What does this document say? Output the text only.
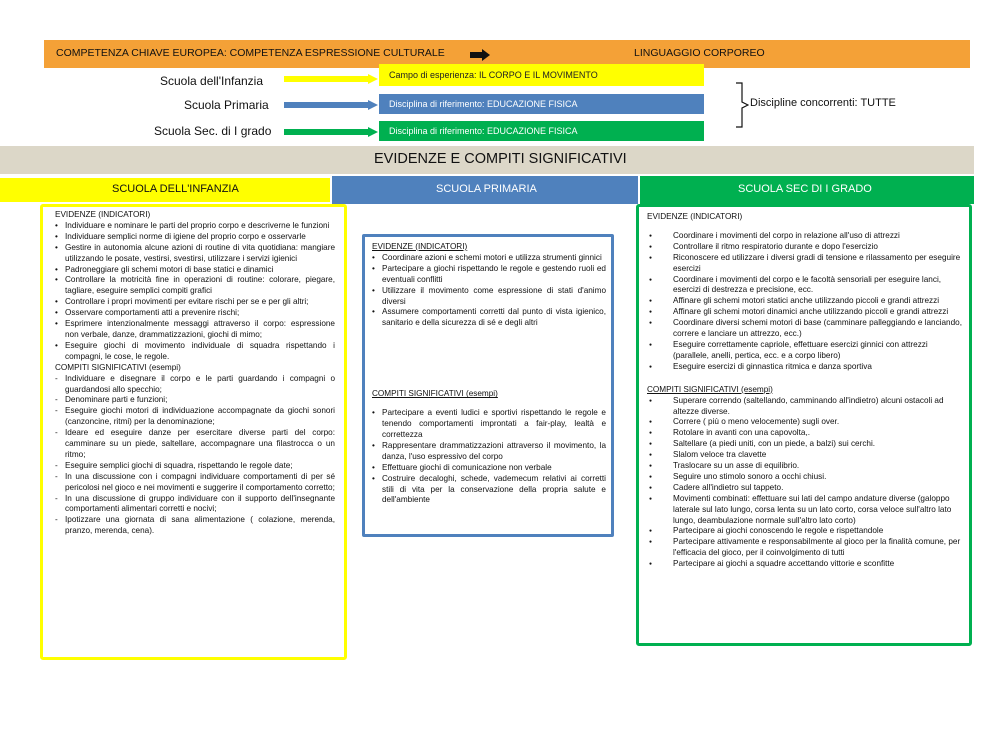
COMPETENZA CHIAVE EUROPEA: COMPETENZA ESPRESSIONE CULTURALE	LINGUAGGIO CORPOREO
Scuola dell'Infanzia	Campo di esperienza: IL CORPO E IL MOVIMENTO
Scuola Primaria	Disciplina di riferimento: EDUCAZIONE FISICA
Scuola Sec. di I grado	Disciplina di riferimento: EDUCAZIONE FISICA
Discipline concorrenti: TUTTE
EVIDENZE E COMPITI SIGNIFICATIVI
SCUOLA DELL'INFANZIA	SCUOLA PRIMARIA	SCUOLA SEC DI I GRADO
EVIDENZE (INDICATORI)
• Individuare e nominare le parti del proprio corpo e descriverne le funzioni
• Individuare semplici norme di igiene del proprio corpo e osservarle
• Gestire in autonomia alcune azioni di routine di vita quotidiana: mangiare utilizzando le posate, vestirsi, svestirsi, utilizzare i servizi igienici
• Padroneggiare gli schemi motori di base statici e dinamici
• Controllare la motricità fine in operazioni di routine: colorare, piegare, tagliare, eseguire semplici compiti grafici
• Controllare i propri movimenti per evitare rischi per se e per gli altri;
• Osservare comportamenti atti a prevenire rischi;
• Esprimere intenzionalmente messaggi attraverso il corpo: espressione non verbale, danze, drammatizzazioni, giochi di mimo;
• Eseguire giochi di movimento individuale di squadra rispettando i compagni, le cose, le regole.
COMPITI SIGNIFICATIVI (esempi)
- Individuare e disegnare il corpo e le parti guardando i compagni o guardandosi allo specchio;
- Denominare parti e funzioni;
- Eseguire giochi motori di individuazione accompagnate da giochi sonori (canzoncine, ritmi) per la denominazione;
- Ideare ed eseguire danze per esercitare diverse parti del corpo: camminare su un piede, saltellare, accompagnare una filastrocca o un ritmo;
- Eseguire semplici giochi di squadra, rispettando le regole date;
- In una discussione con i compagni individuare comportamenti di per sé pericolosi nel gioco e nei movimenti e suggerire il comportamento corretto;
- In una discussione di gruppo individuare con il supporto dell'insegnante comportamenti alimentari corretti e nocivi;
- Ipotizzare una giornata di sana alimentazione ( colazione, merenda, pranzo, merenda, cena).
EVIDENZE (INDICATORI)
• Coordinare azioni e schemi motori e utilizza strumenti ginnici
• Partecipare a giochi rispettando le regole e gestendo ruoli ed eventuali conflitti
• Utilizzare il movimento come espressione di stati d'animo diversi
• Assumere comportamenti corretti dal punto di vista igienico, sanitario e della sicurezza di sé e degli altri
COMPITI SIGNIFICATIVI (esempi)
• Partecipare a eventi ludici e sportivi rispettando le regole e tenendo comportamenti improntati a fair-play, lealtà e correttezza
• Rappresentare drammatizzazioni attraverso il movimento, la danza, l'uso espressivo del corpo
• Effettuare giochi di comunicazione non verbale
• Costruire decaloghi, schede, vademecum relativi ai corretti stili di vita per la conservazione della propria salute e dell'ambiente
EVIDENZE (INDICATORI)
● Coordinare i movimenti del corpo in relazione all'uso di attrezzi
● Controllare il ritmo respiratorio durante e dopo l'esercizio
● Riconoscere ed utilizzare i diversi gradi di tensione e rilassamento per eseguire esercizi
● Coordinare i movimenti del corpo e le facoltà sensoriali per eseguire lanci, esercizi di destrezza e precisione, ecc.
● Affinare gli schemi motori statici anche utilizzando piccoli e grandi attrezzi
● Affinare gli schemi motori dinamici anche utilizzando piccoli e grandi attrezzi
● Coordinare diversi schemi motori di base (camminare palleggiando e lanciando, correre e lanciare un attrezzo, ecc.)
● Eseguire correttamente capriole, effettuare esercizi ginnici con attrezzi (parallele, anelli, pertica, ecc. e a corpo libero)
● Eseguire esercizi di ginnastica ritmica e danza sportiva
COMPITI SIGNIFICATIVI (esempi)
● Superare correndo (saltellando, camminando all'indietro) alcuni ostacoli ad altezze diverse.
● Correre ( più o meno velocemente) sugli over.
● Rotolare in avanti con una capovolta,.
● Saltellare (a piedi uniti, con un piede, a balzi) sui cerchi.
● Slalom veloce tra clavette
● Traslocare su un asse di equilibrio.
● Seguire uno stimolo sonoro a occhi chiusi.
● Cadere all'indietro sul tappeto.
● Movimenti combinati: effettuare sui lati del campo andature diverse (galoppo laterale sul lato lungo, corsa lenta su un lato corto, corsa veloce sull'altro lato lungo, deambulazione normale sull'altro lato corto)
● Partecipare ai giochi conoscendo le regole e rispettandole
● Partecipare attivamente e responsabilmente al gioco per la finalità comune, per l'efficacia del gioco, per il coinvolgimento di tutti
● Partecipare ai giochi a squadre accettando vittorie e sconfitte
